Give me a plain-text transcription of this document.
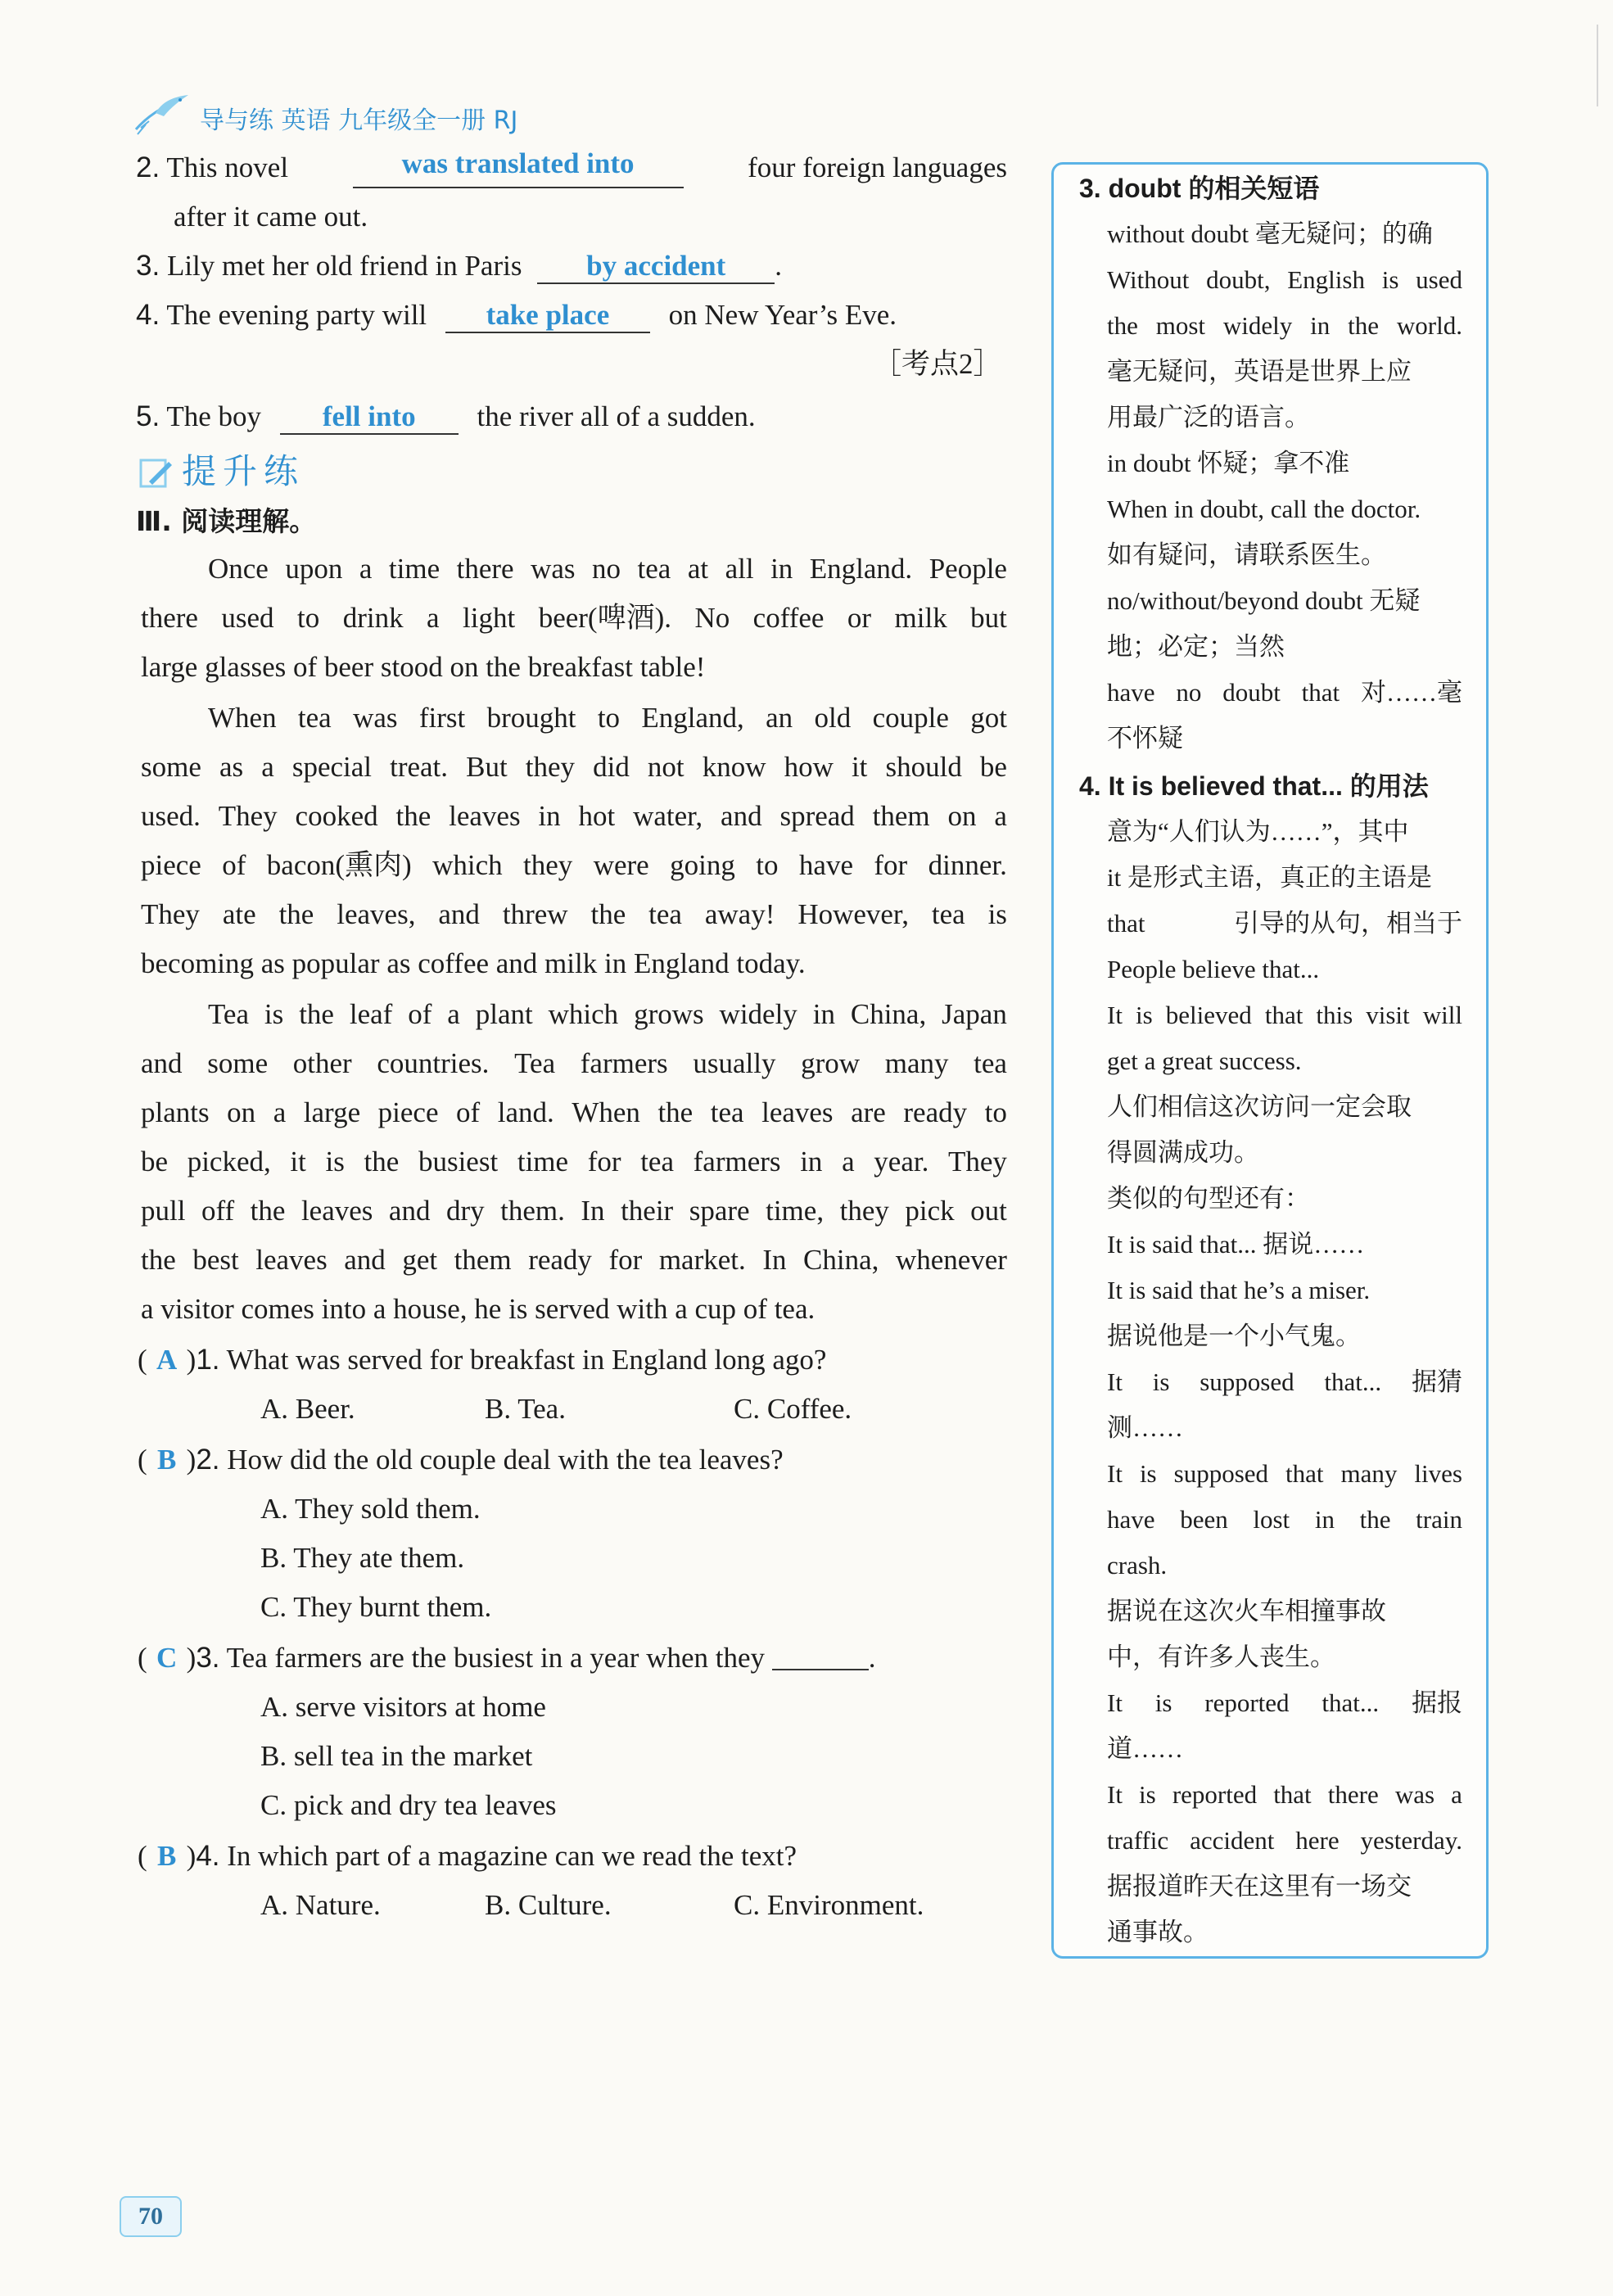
导与练 英语 九年级全一册 RJ
2. This novel	was translated into	four foreign languages
after it came out.
3. Lily met her old friend in Paris by accident .
4. The evening party will take place on New Year’s Eve.
［考点2］
5. The boy fell into the river all of a sudden.
提升练
Ⅲ. 阅读理解。
Once upon a time there was no tea at all in England. People
there used to drink a light beer(啤酒). No coffee or milk but
large glasses of beer stood on the breakfast table!
When tea was first brought to England, an old couple got
some as a special treat. But they did not know how it should be
used. They cooked the leaves in hot water, and spread them on a
piece of bacon(熏肉) which they were going to have for dinner.
They ate the leaves, and threw the tea away! However, tea is
becoming as popular as coffee and milk in England today.
Tea is the leaf of a plant which grows widely in China, Japan
and some other countries. Tea farmers usually grow many tea
plants on a large piece of land. When the tea leaves are ready to
be picked, it is the busiest time for tea farmers in a year. They
pull off the leaves and dry them. In their spare time, they pick out
the best leaves and get them ready for market. In China, whenever
a visitor comes into a house, he is served with a cup of tea.
( A )1. What was served for breakfast in England long ago?
A. Beer.	B. Tea.	C. Coffee.
( B )2. How did the old couple deal with the tea leaves?
A. They sold them.
B. They ate them.
C. They burnt them.
( C )3. Tea farmers are the busiest in a year when they	.
A. serve visitors at home
B. sell tea in the market
C. pick and dry tea leaves
( B )4. In which part of a magazine can we read the text?
A. Nature.	B. Culture.	C. Environment.
3. doubt 的相关短语
without doubt 毫无疑问；的确
Without doubt, English is used
the most widely in the world.
毫无疑问，英语是世界上应
用最广泛的语言。
in doubt 怀疑；拿不准
When in doubt, call the doctor.
如有疑问，请联系医生。
no/without/beyond doubt 无疑
地；必定；当然
have no doubt that 对……毫
不怀疑
4. It is believed that... 的用法
意为“人们认为……”，其中
it 是形式主语，真正的主语是
that	引导的从句，相当于
People believe that...
It is believed that this visit will
get a great success.
人们相信这次访问一定会取
得圆满成功。
类似的句型还有：
It is said that... 据说……
It is said that he’s a miser.
据说他是一个小气鬼。
It is supposed that... 据猜
测……
It is supposed that many lives
have been lost in the train
crash.
据说在这次火车相撞事故
中，有许多人丧生。
It is reported that... 据报
道……
It is reported that there was a
traffic accident here yesterday.
据报道昨天在这里有一场交
通事故。
70
